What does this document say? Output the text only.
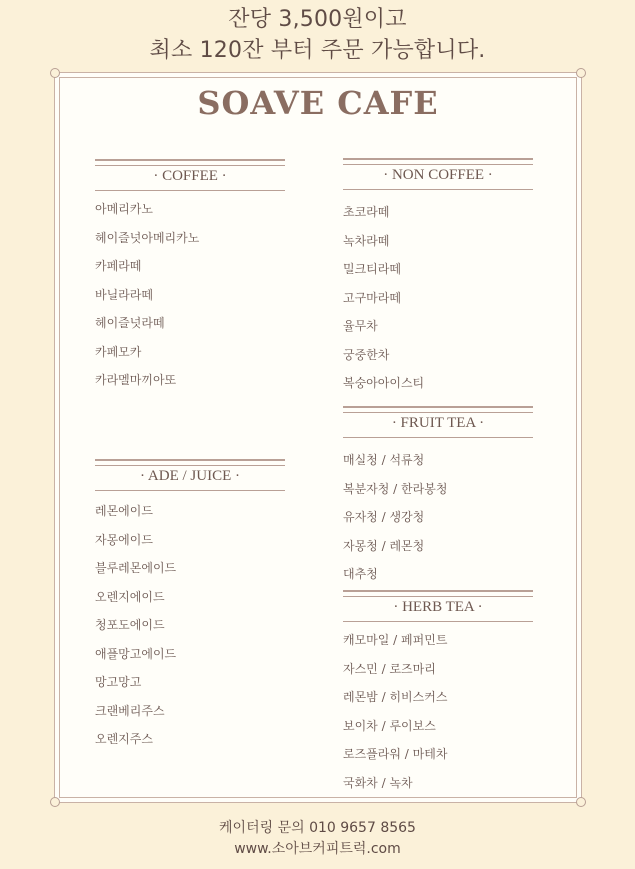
잔당 3,500원이고
최소 120잔 부터 주문 가능합니다.
SOAVE CAFE
· COFFEE ·
아메리카노
헤이즐넛아메리카노
카페라떼
바닐라라떼
헤이즐넛라떼
카페모카
카라멜마끼아또
· ADE / JUICE ·
레몬에이드
자몽에이드
블루레몬에이드
오렌지에이드
청포도에이드
애플망고에이드
망고망고
크랜베리주스
오렌지주스
· NON COFFEE ·
초코라떼
녹차라떼
밀크티라떼
고구마라떼
율무차
궁중한차
복숭아아이스티
· FRUIT TEA ·
매실청 / 석류청
복분자청 / 한라봉청
유자청 / 생강청
자몽청 / 레몬청
대추청
· HERB TEA ·
캐모마일 / 페퍼민트
자스민 / 로즈마리
레몬밤 / 히비스커스
보이차 / 루이보스
로즈플라워 / 마테차
국화차 / 녹차
케이터링 문의 010 9657 8565
www.소아브커피트럭.com
